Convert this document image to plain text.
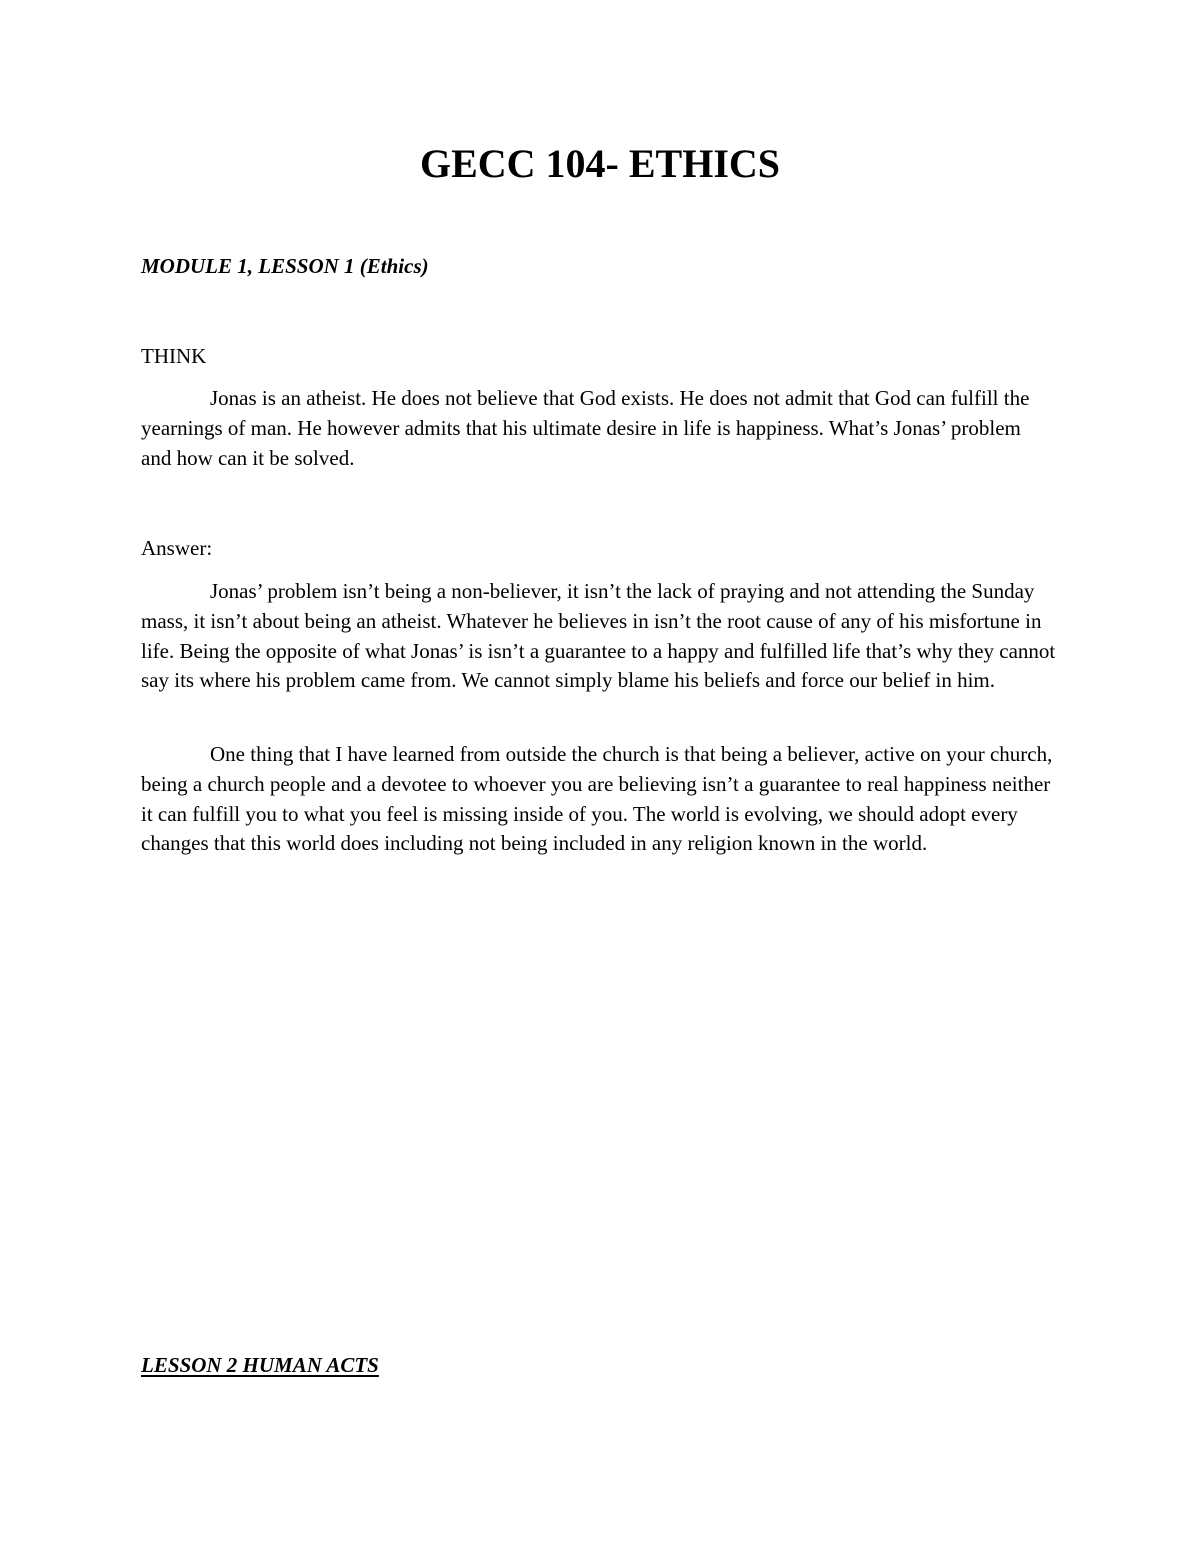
GECC 104- ETHICS
MODULE 1, LESSON 1 (Ethics)

THINK

Jonas is an atheist. He does not believe that God exists. He does not admit that God can fulfill the yearnings of man. He however admits that his ultimate desire in life is happiness. What’s Jonas’ problem and how can it be solved.

Answer:

Jonas’ problem isn’t being a non-believer, it isn’t the lack of praying and not attending the Sunday mass, it isn’t about being an atheist. Whatever he believes in isn’t the root cause of any of his misfortune in life. Being the opposite of what Jonas’ is isn’t a guarantee to a happy and fulfilled life that’s why they cannot say its where his problem came from. We cannot simply blame his beliefs and force our belief in him.

One thing that I have learned from outside the church is that being a believer, active on your church, being a church people and a devotee to whoever you are believing isn’t a guarantee to real happiness neither it can fulfill you to what you feel is missing inside of you. The world is evolving, we should adopt every changes that this world does including not being included in any religion known in the world.

LESSON 2 HUMAN ACTS
